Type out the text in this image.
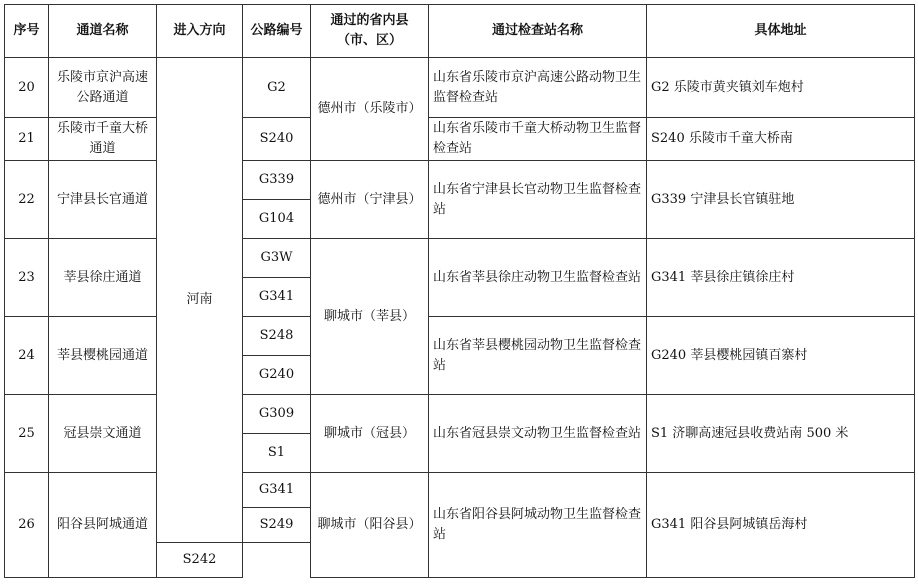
序号	通道名称	进入方向	公路编号	通过的省内县（市、区）	通过检查站名称	具体地址
20	乐陵市京沪高速公路通道	河南	G2	德州市（乐陵市）	山东省乐陵市京沪高速公路动物卫生监督检查站	G2 乐陵市黄夹镇刘车炮村
21	乐陵市千童大桥通道		S240		山东省乐陵市千童大桥动物卫生监督检查站	S240 乐陵市千童大桥南
22	宁津县长官通道		G339	德州市（宁津县）	山东省宁津县长官动物卫生监督检查站	G339 宁津县长官镇驻地
			G104			
23	莘县徐庄通道		G3W	聊城市（莘县）	山东省莘县徐庄动物卫生监督检查站	G341 莘县徐庄镇徐庄村
			G341			
24	莘县樱桃园通道		S248		山东省莘县樱桃园动物卫生监督检查站	G240 莘县樱桃园镇百寨村
			G240			
25	冠县崇文通道		G309	聊城市（冠县）	山东省冠县崇文动物卫生监督检查站	S1 济聊高速冠县收费站南 500 米
			S1			
26	阳谷县阿城通道		G341	聊城市（阳谷县）	山东省阳谷县阿城动物卫生监督检查站	G341 阳谷县阿城镇岳海村
			S249			
		S242				
